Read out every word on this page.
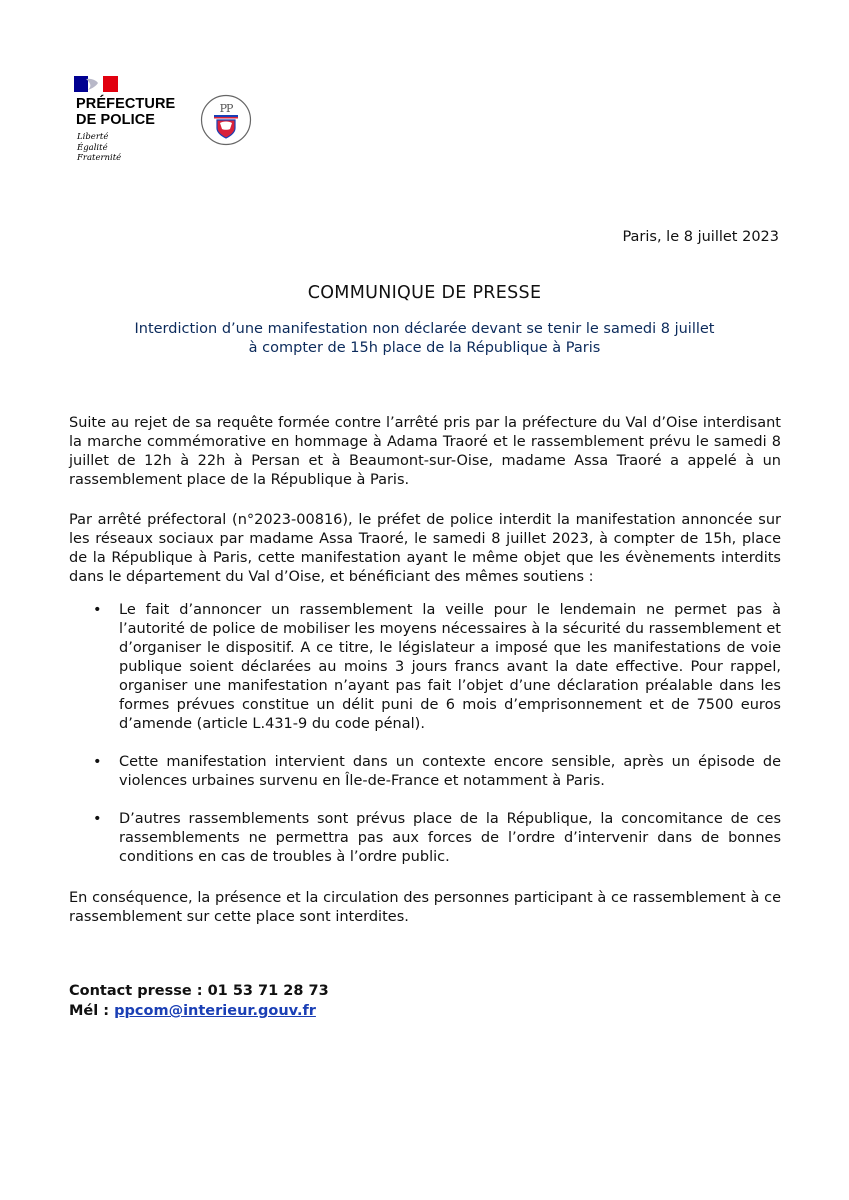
PRÉFECTURE
DE POLICE
Liberté
Égalité
Fraternité
PP
Paris, le 8 juillet 2023
COMMUNIQUE DE PRESSE
Interdiction d’une manifestation non déclarée devant se tenir le samedi 8 juillet
à compter de 15h place de la République à Paris

Suite au rejet de sa requête formée contre l’arrêté pris par la préfecture du Val d’Oise interdisant la marche commémorative en hommage à Adama Traoré et le rassemblement prévu le samedi 8 juillet de 12h à 22h à Persan et à Beaumont-sur-Oise, madame Assa Traoré a appelé à un rassemblement place de la République à Paris.

Par arrêté préfectoral (n°2023-00816), le préfet de police interdit la manifestation annoncée sur les réseaux sociaux par madame Assa Traoré, le samedi 8 juillet 2023, à compter de 15h, place de la République à Paris, cette manifestation ayant le même objet que les évènements interdits dans le département du Val d’Oise, et bénéficiant des mêmes soutiens :

• Le fait d’annoncer un rassemblement la veille pour le lendemain ne permet pas à l’autorité de police de mobiliser les moyens nécessaires à la sécurité du rassemblement et d’organiser le dispositif. A ce titre, le législateur a imposé que les manifestations de voie publique soient déclarées au moins 3 jours francs avant la date effective. Pour rappel, organiser une manifestation n’ayant pas fait l’objet d’une déclaration préalable dans les formes prévues constitue un délit puni de 6 mois d’emprisonnement et de 7500 euros d’amende (article L.431-9 du code pénal).
• Cette manifestation intervient dans un contexte encore sensible, après un épisode de violences urbaines survenu en Île-de-France et notamment à Paris.
• D’autres rassemblements sont prévus place de la République, la concomitance de ces rassemblements ne permettra pas aux forces de l’ordre d’intervenir dans de bonnes conditions en cas de troubles à l’ordre public.

En conséquence, la présence et la circulation des personnes participant à ce rassemblement à ce rassemblement sur cette place sont interdites.

Contact presse : 01 53 71 28 73
Mél : ppcom@interieur.gouv.fr
